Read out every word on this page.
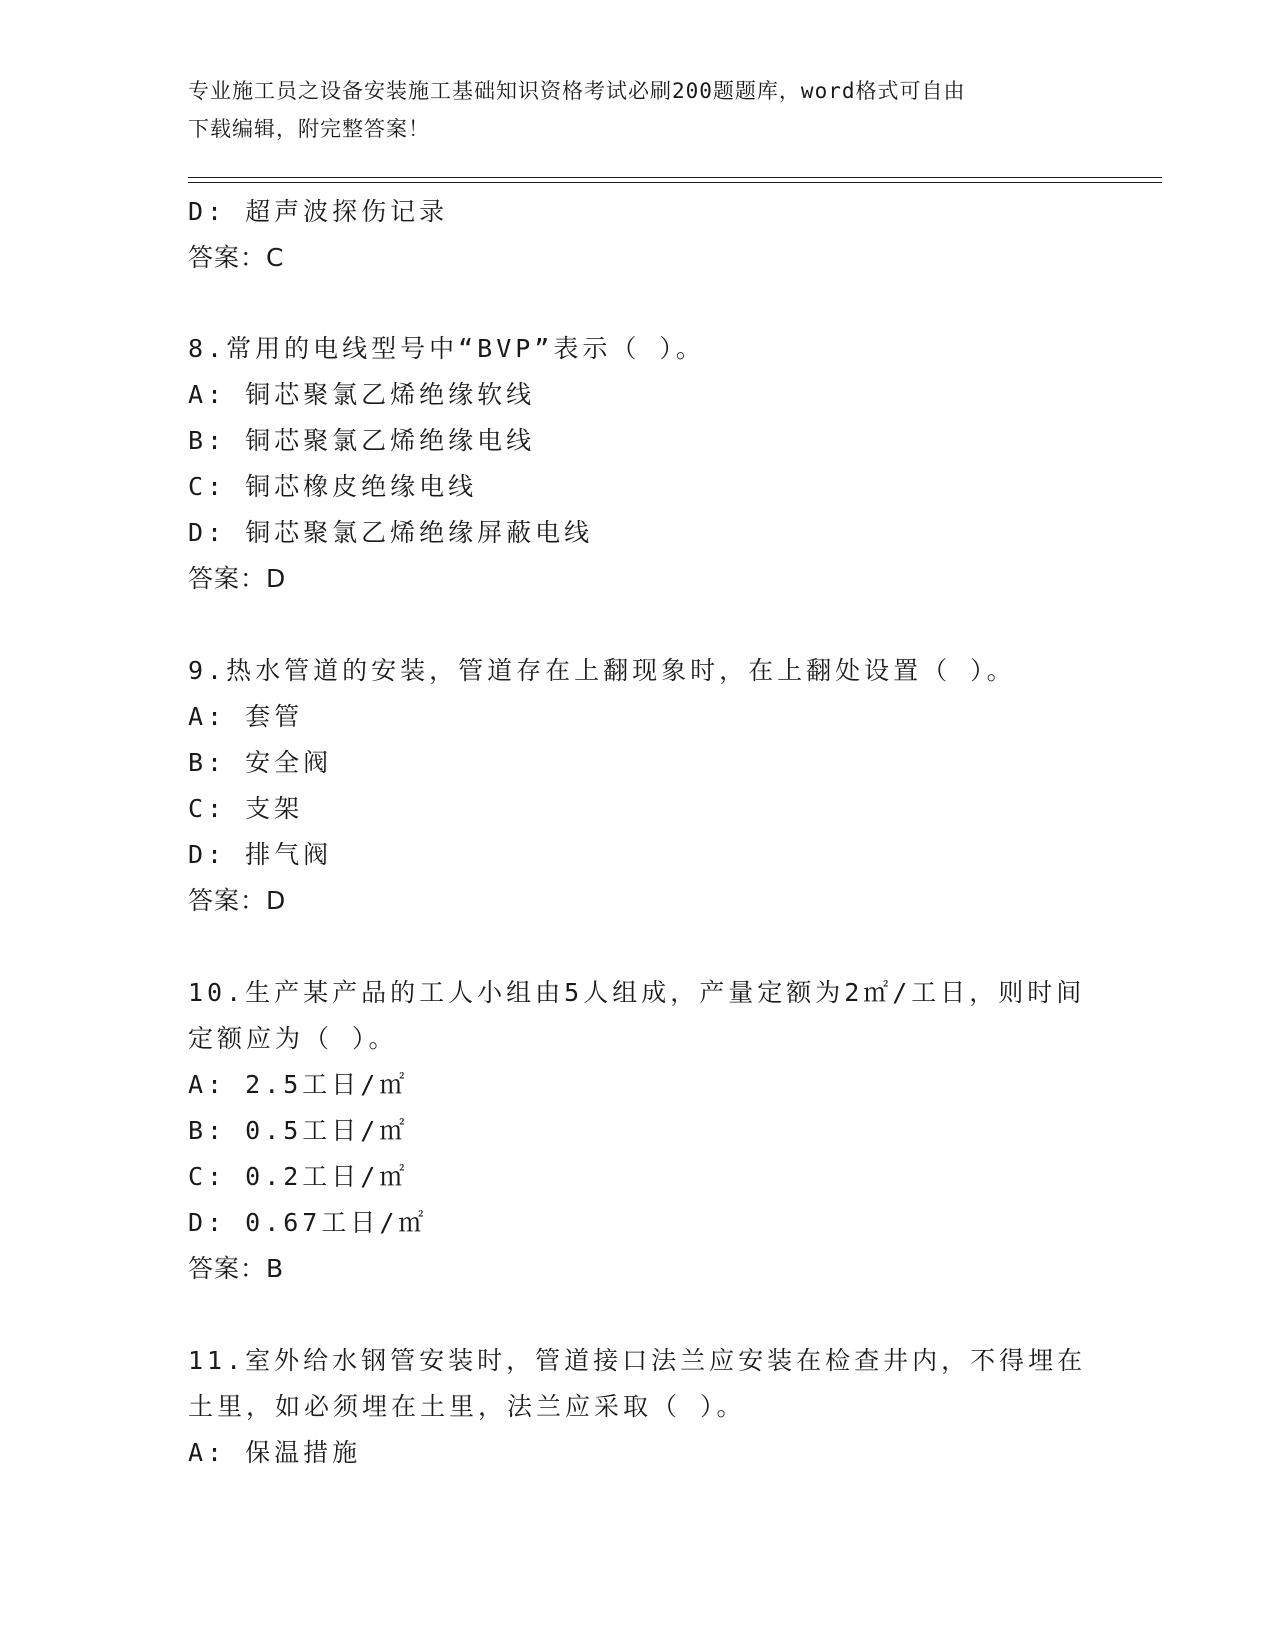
专业施工员之设备安装施工基础知识资格考试必刷200题题库，word格式可自由
下载编辑，附完整答案！
D: 超声波探伤记录
答案：C
8.常用的电线型号中“BVP”表示（ ）。
A: 铜芯聚氯乙烯绝缘软线
B: 铜芯聚氯乙烯绝缘电线
C: 铜芯橡皮绝缘电线
D: 铜芯聚氯乙烯绝缘屏蔽电线
答案：D
9.热水管道的安装，管道存在上翻现象时，在上翻处设置（ ）。
A: 套管
B: 安全阀
C: 支架
D: 排气阀
答案：D
10.生产某产品的工人小组由5人组成，产量定额为2㎡/工日，则时间
定额应为（ ）。
A: 2.5工日/㎡
B: 0.5工日/㎡
C: 0.2工日/㎡
D: 0.67工日/㎡
答案：B
11.室外给水钢管安装时，管道接口法兰应安装在检查井内，不得埋在
土里，如必须埋在土里，法兰应采取（ ）。
A: 保温措施
